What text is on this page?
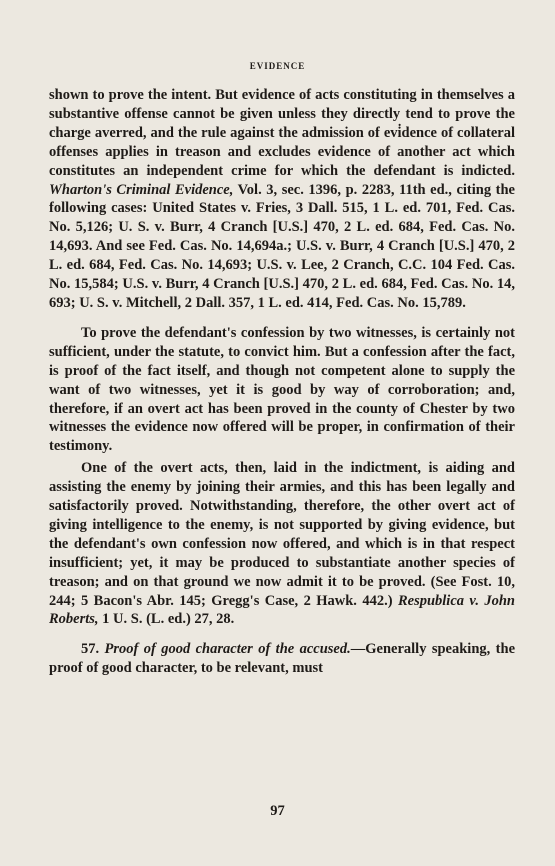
EVIDENCE

shown to prove the intent. But evidence of acts constituting in themselves a substantive offense cannot be given unless they directly tend to prove the charge averred, and the rule against the admission of evi̇dence of collateral offenses applies in treason and excludes evidence of another act which constitutes an independent crime for which the defendant is indicted. Wharton's Criminal Evidence, Vol. 3, sec. 1396, p. 2283, 11th ed., citing the following cases: United States v. Fries, 3 Dall. 515, 1 L. ed. 701, Fed. Cas. No. 5,126; U. S. v. Burr, 4 Cranch [U.S.] 470, 2 L. ed. 684, Fed. Cas. No. 14,693. And see Fed. Cas. No. 14,694a.; U.S. v. Burr, 4 Cranch [U.S.] 470, 2 L. ed. 684, Fed. Cas. No. 14,693; U.S. v. Lee, 2 Cranch, C.C. 104 Fed. Cas. No. 15,584; U.S. v. Burr, 4 Cranch [U.S.] 470, 2 L. ed. 684, Fed. Cas. No. 14, 693; U. S. v. Mitchell, 2 Dall. 357, 1 L. ed. 414, Fed. Cas. No. 15,789.

To prove the defendant's confession by two witnesses, is certainly not sufficient, under the statute, to convict him. But a confession after the fact, is proof of the fact itself, and though not competent alone to supply the want of two witnesses, yet it is good by way of corroboration; and, therefore, if an overt act has been proved in the county of Chester by two witnesses the evidence now offered will be proper, in confirmation of their testimony.

One of the overt acts, then, laid in the indictment, is aiding and assisting the enemy by joining their armies, and this has been legally and satisfactorily proved. Notwithstanding, therefore, the other overt act of giving intelligence to the enemy, is not supported by giving evidence, but the defendant's own confession now offered, and which is in that respect insufficient; yet, it may be produced to substantiate another species of treason; and on that ground we now admit it to be proved. (See Fost. 10, 244; 5 Bacon's Abr. 145; Gregg's Case, 2 Hawk. 442.) Respublica v. John Roberts, 1 U. S. (L. ed.) 27, 28.

57. Proof of good character of the accused.—Generally speaking, the proof of good character, to be relevant, must

97
